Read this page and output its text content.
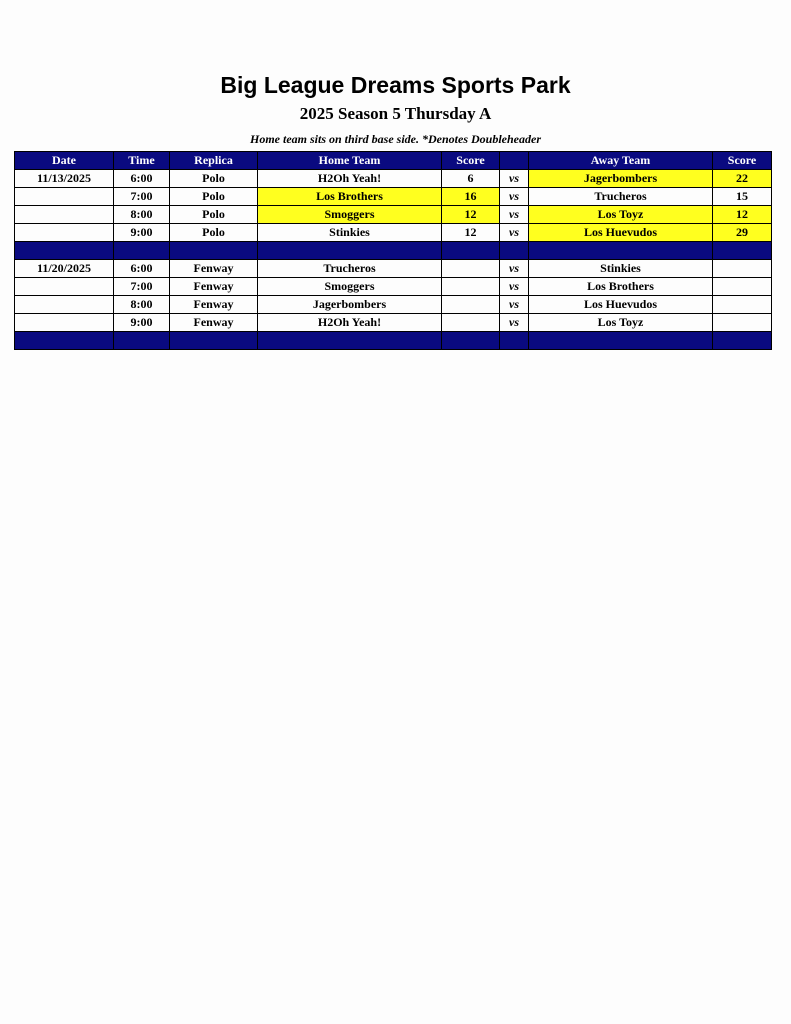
Big League Dreams Sports Park
2025 Season 5 Thursday A
Home team sits on third base side. *Denotes Doubleheader
Date	Time	Replica	Home Team	Score		Away Team	Score
11/13/2025	6:00	Polo	H2Oh Yeah!	6	vs	Jagerbombers	22
	7:00	Polo	Los Brothers	16	vs	Trucheros	15
	8:00	Polo	Smoggers	12	vs	Los Toyz	12
	9:00	Polo	Stinkies	12	vs	Los Huevudos	29

11/20/2025	6:00	Fenway	Trucheros		vs	Stinkies	
	7:00	Fenway	Smoggers		vs	Los Brothers	
	8:00	Fenway	Jagerbombers		vs	Los Huevudos	
	9:00	Fenway	H2Oh Yeah!		vs	Los Toyz	
